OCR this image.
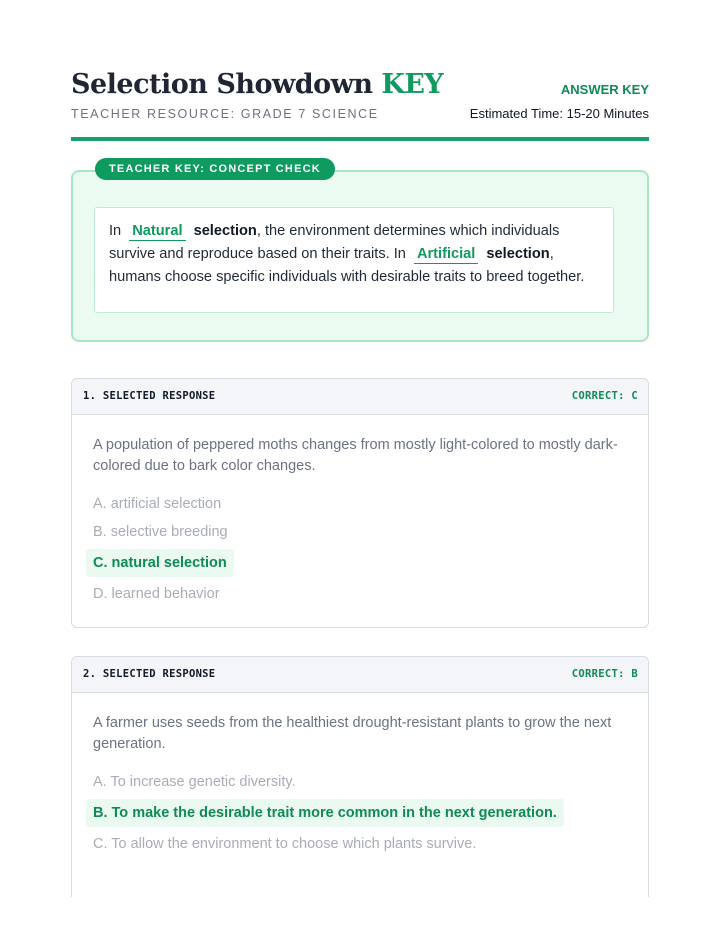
Selection Showdown KEY
TEACHER RESOURCE: GRADE 7 SCIENCE
ANSWER KEY
Estimated Time: 15-20 Minutes
TEACHER KEY: CONCEPT CHECK
In Natural selection, the environment determines which individuals survive and reproduce based on their traits. In Artificial selection, humans choose specific individuals with desirable traits to breed together.
1. SELECTED RESPONSE	CORRECT: C

A population of peppered moths changes from mostly light-colored to mostly dark-colored due to bark color changes.

A. artificial selection
B. selective breeding
C. natural selection
D. learned behavior
2. SELECTED RESPONSE	CORRECT: B

A farmer uses seeds from the healthiest drought-resistant plants to grow the next generation.

A. To increase genetic diversity.
B. To make the desirable trait more common in the next generation.
C. To allow the environment to choose which plants survive.
